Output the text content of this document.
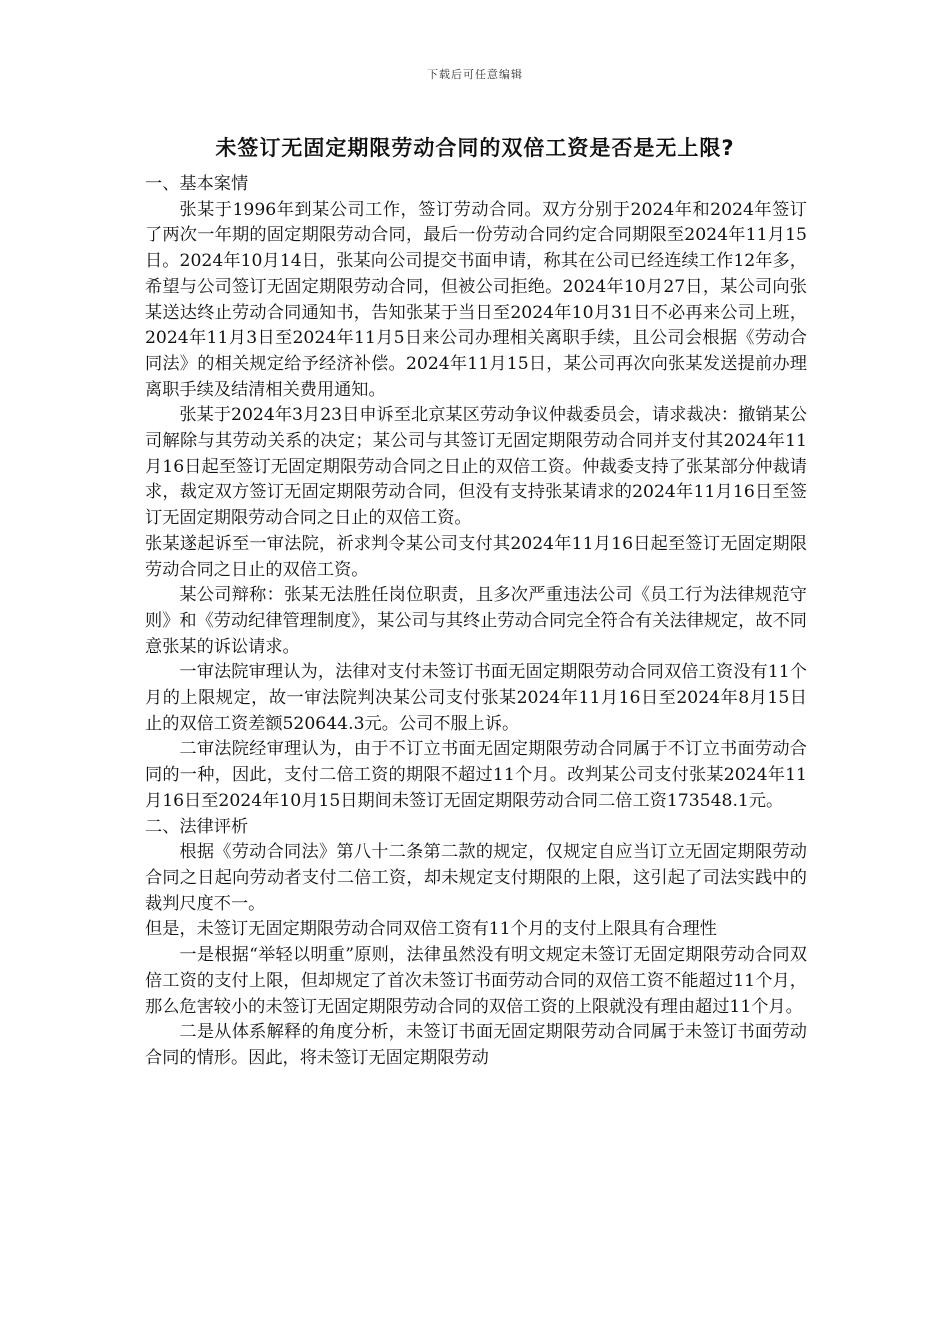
下载后可任意编辑
未签订无固定期限劳动合同的双倍工资是否是无上限?

一、基本案情

张某于1996年到某公司工作，签订劳动合同。双方分别于2024年和2024年签订了两次一年期的固定期限劳动合同，最后一份劳动合同约定合同期限至2024年11月15日。2024年10月14日，张某向公司提交书面申请，称其在公司已经连续工作12年多，希望与公司签订无固定期限劳动合同，但被公司拒绝。2024年10月27日，某公司向张某送达终止劳动合同通知书，告知张某于当日至2024年10月31日不必再来公司上班，2024年11月3日至2024年11月5日来公司办理相关离职手续，且公司会根据《劳动合同法》的相关规定给予经济补偿。2024年11月15日，某公司再次向张某发送提前办理离职手续及结清相关费用通知。

张某于2024年3月23日申诉至北京某区劳动争议仲裁委员会，请求裁决：撤销某公司解除与其劳动关系的决定；某公司与其签订无固定期限劳动合同并支付其2024年11月16日起至签订无固定期限劳动合同之日止的双倍工资。仲裁委支持了张某部分仲裁请求，裁定双方签订无固定期限劳动合同，但没有支持张某请求的2024年11月16日至签订无固定期限劳动合同之日止的双倍工资。

张某遂起诉至一审法院，祈求判令某公司支付其2024年11月16日起至签订无固定期限劳动合同之日止的双倍工资。

某公司辩称：张某无法胜任岗位职责，且多次严重违法公司《员工行为法律规范守则》和《劳动纪律管理制度》，某公司与其终止劳动合同完全符合有关法律规定，故不同意张某的诉讼请求。

一审法院审理认为，法律对支付未签订书面无固定期限劳动合同双倍工资没有11个月的上限规定，故一审法院判决某公司支付张某2024年11月16日至2024年8月15日止的双倍工资差额520644.3元。公司不服上诉。

二审法院经审理认为，由于不订立书面无固定期限劳动合同属于不订立书面劳动合同的一种，因此，支付二倍工资的期限不超过11个月。改判某公司支付张某2024年11月16日至2024年10月15日期间未签订无固定期限劳动合同二倍工资173548.1元。

二、法律评析

根据《劳动合同法》第八十二条第二款的规定，仅规定自应当订立无固定期限劳动合同之日起向劳动者支付二倍工资，却未规定支付期限的上限，这引起了司法实践中的裁判尺度不一。

但是，未签订无固定期限劳动合同双倍工资有11个月的支付上限具有合理性

一是根据“举轻以明重”原则，法律虽然没有明文规定未签订无固定期限劳动合同双倍工资的支付上限，但却规定了首次未签订书面劳动合同的双倍工资不能超过11个月，那么危害较小的未签订无固定期限劳动合同的双倍工资的上限就没有理由超过11个月。

二是从体系解释的角度分析，未签订书面无固定期限劳动合同属于未签订书面劳动合同的情形。因此，将未签订无固定期限劳动
